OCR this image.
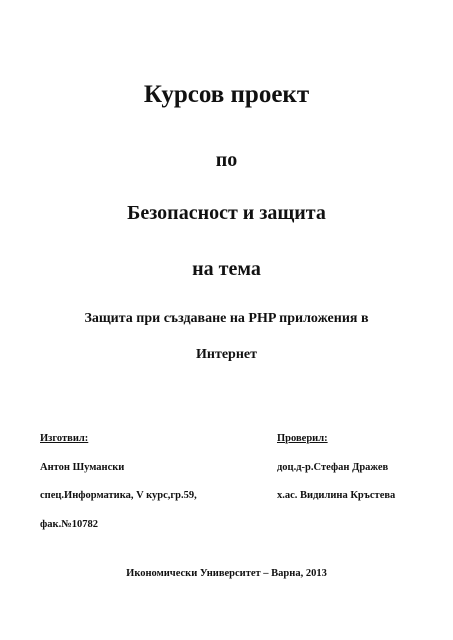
Курсов проект
по
Безопасност и защита
на тема
Защита при създаване на PHP приложения в
Интернет
Изготвил:	Проверил:
Антон Шумански	доц.д-р.Стефан Дражев
спец.Информатика, V курс,гр.59,	х.ас. Видилина Кръстева
фак.№10782
Икономически Университет – Варна, 2013
